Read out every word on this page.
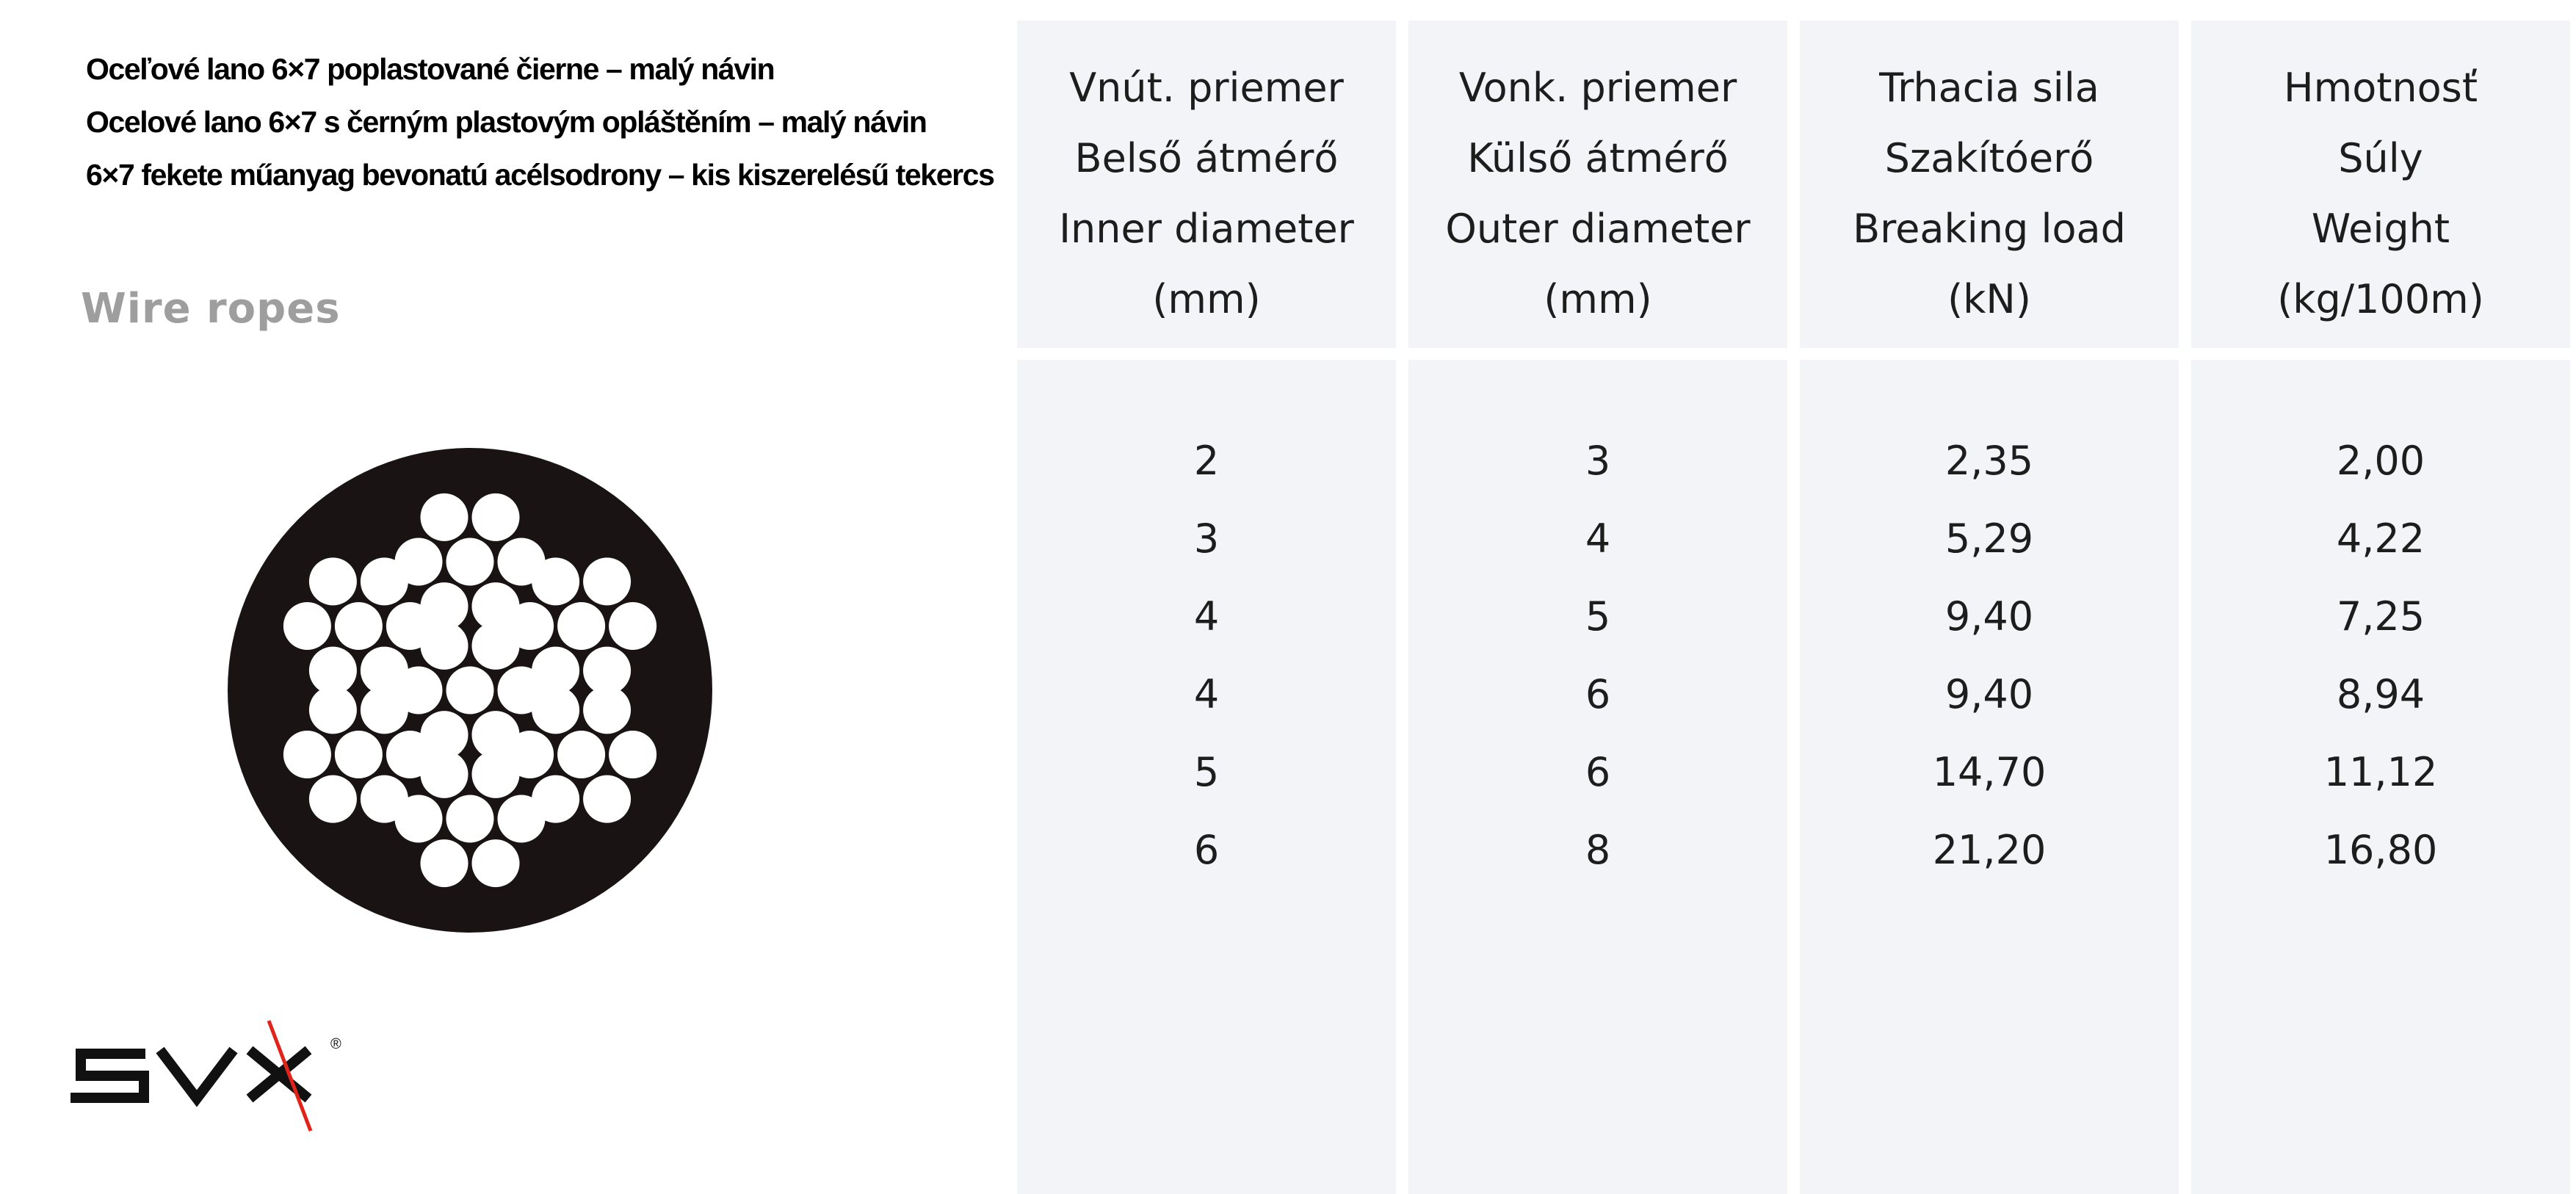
Oceľové lano 6×7 poplastované čierne – malý návin
Ocelové lano 6×7 s černým plastovým opláštěním – malý návin
6×7 fekete műanyag bevonatú acélsodrony – kis kiszerelésű tekercs
Wire ropes
®
SVX
Vnút. priemer
Belső átmérő
Inner diameter
(mm)
2
3
4
4
5
6
Vonk. priemer
Külső átmérő
Outer diameter
(mm)
3
4
5
6
6
8
Trhacia sila
Szakítóerő
Breaking load
(kN)
2,35
5,29
9,40
9,40
14,70
21,20
Hmotnosť
Súly
Weight
(kg/100m)
2,00
4,22
7,25
8,94
11,12
16,80
